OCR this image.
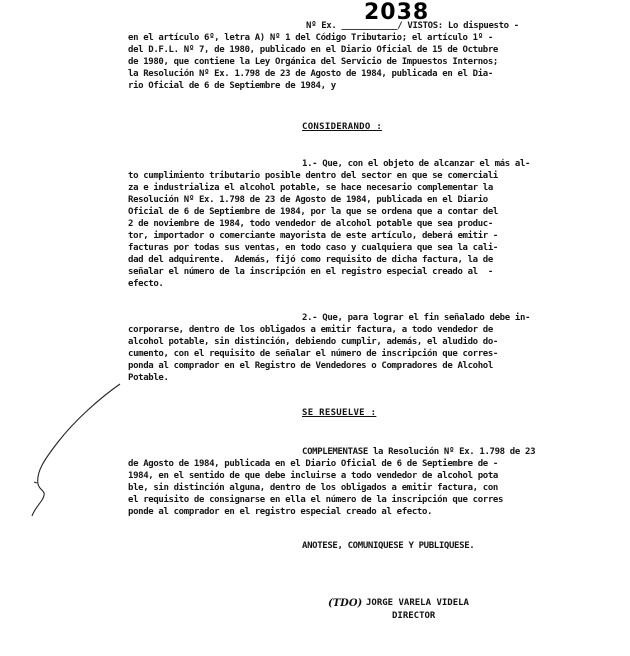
2038
Nº Ex. ___________/ VISTOS: Lo dispuesto -
en el artículo 6º, letra A) Nº 1 del Código Tributario; el artículo 1º -
del D.F.L. Nº 7, de 1980, publicado en el Diario Oficial de 15 de Octubre
de 1980, que contiene la Ley Orgánica del Servicio de Impuestos Internos;
la Resolución Nº Ex. 1.798 de 23 de Agosto de 1984, publicada en el Dia-
rio Oficial de 6 de Septiembre de 1984, y
CONSIDERANDO :
1.- Que, con el objeto de alcanzar el más al-
to cumplimiento tributario posible dentro del sector en que se comerciali
za e industrializa el alcohol potable, se hace necesario complementar la
Resolución Nº Ex. 1.798 de 23 de Agosto de 1984, publicada en el Diario
Oficial de 6 de Septiembre de 1984, por la que se ordena que a contar del
2 de noviembre de 1984, todo vendedor de alcohol potable que sea produc-
tor, importador o comerciante mayorista de este artículo, deberá emitir -
facturas por todas sus ventas, en todo caso y cualquiera que sea la cali-
dad del adquirente.  Además, fijó como requisito de dicha factura, la de
señalar el número de la inscripción en el registro especial creado al  -
efecto.
2.- Que, para lograr el fin señalado debe in-
corporarse, dentro de los obligados a emitir factura, a todo vendedor de
alcohol potable, sin distinción, debiendo cumplir, además, el aludido do-
cumento, con el requisito de señalar el número de inscripción que corres-
ponda al comprador en el Registro de Vendedores o Compradores de Alcohol
Potable.
SE RESUELVE :
COMPLEMENTASE la Resolución Nº Ex. 1.798 de 23
de Agosto de 1984, publicada en el Diario Oficial de 6 de Septiembre de -
1984, en el sentido de que debe incluirse a todo vendedor de alcohol pota
ble, sin distinción alguna, dentro de los obligados a emitir factura, con
el requisito de consignarse en ella el número de la inscripción que corres
ponde al comprador en el registro especial creado al efecto.
ANOTESE, COMUNIQUESE Y PUBLIQUESE.
(TDO) JORGE VARELA VIDELA
DIRECTOR
